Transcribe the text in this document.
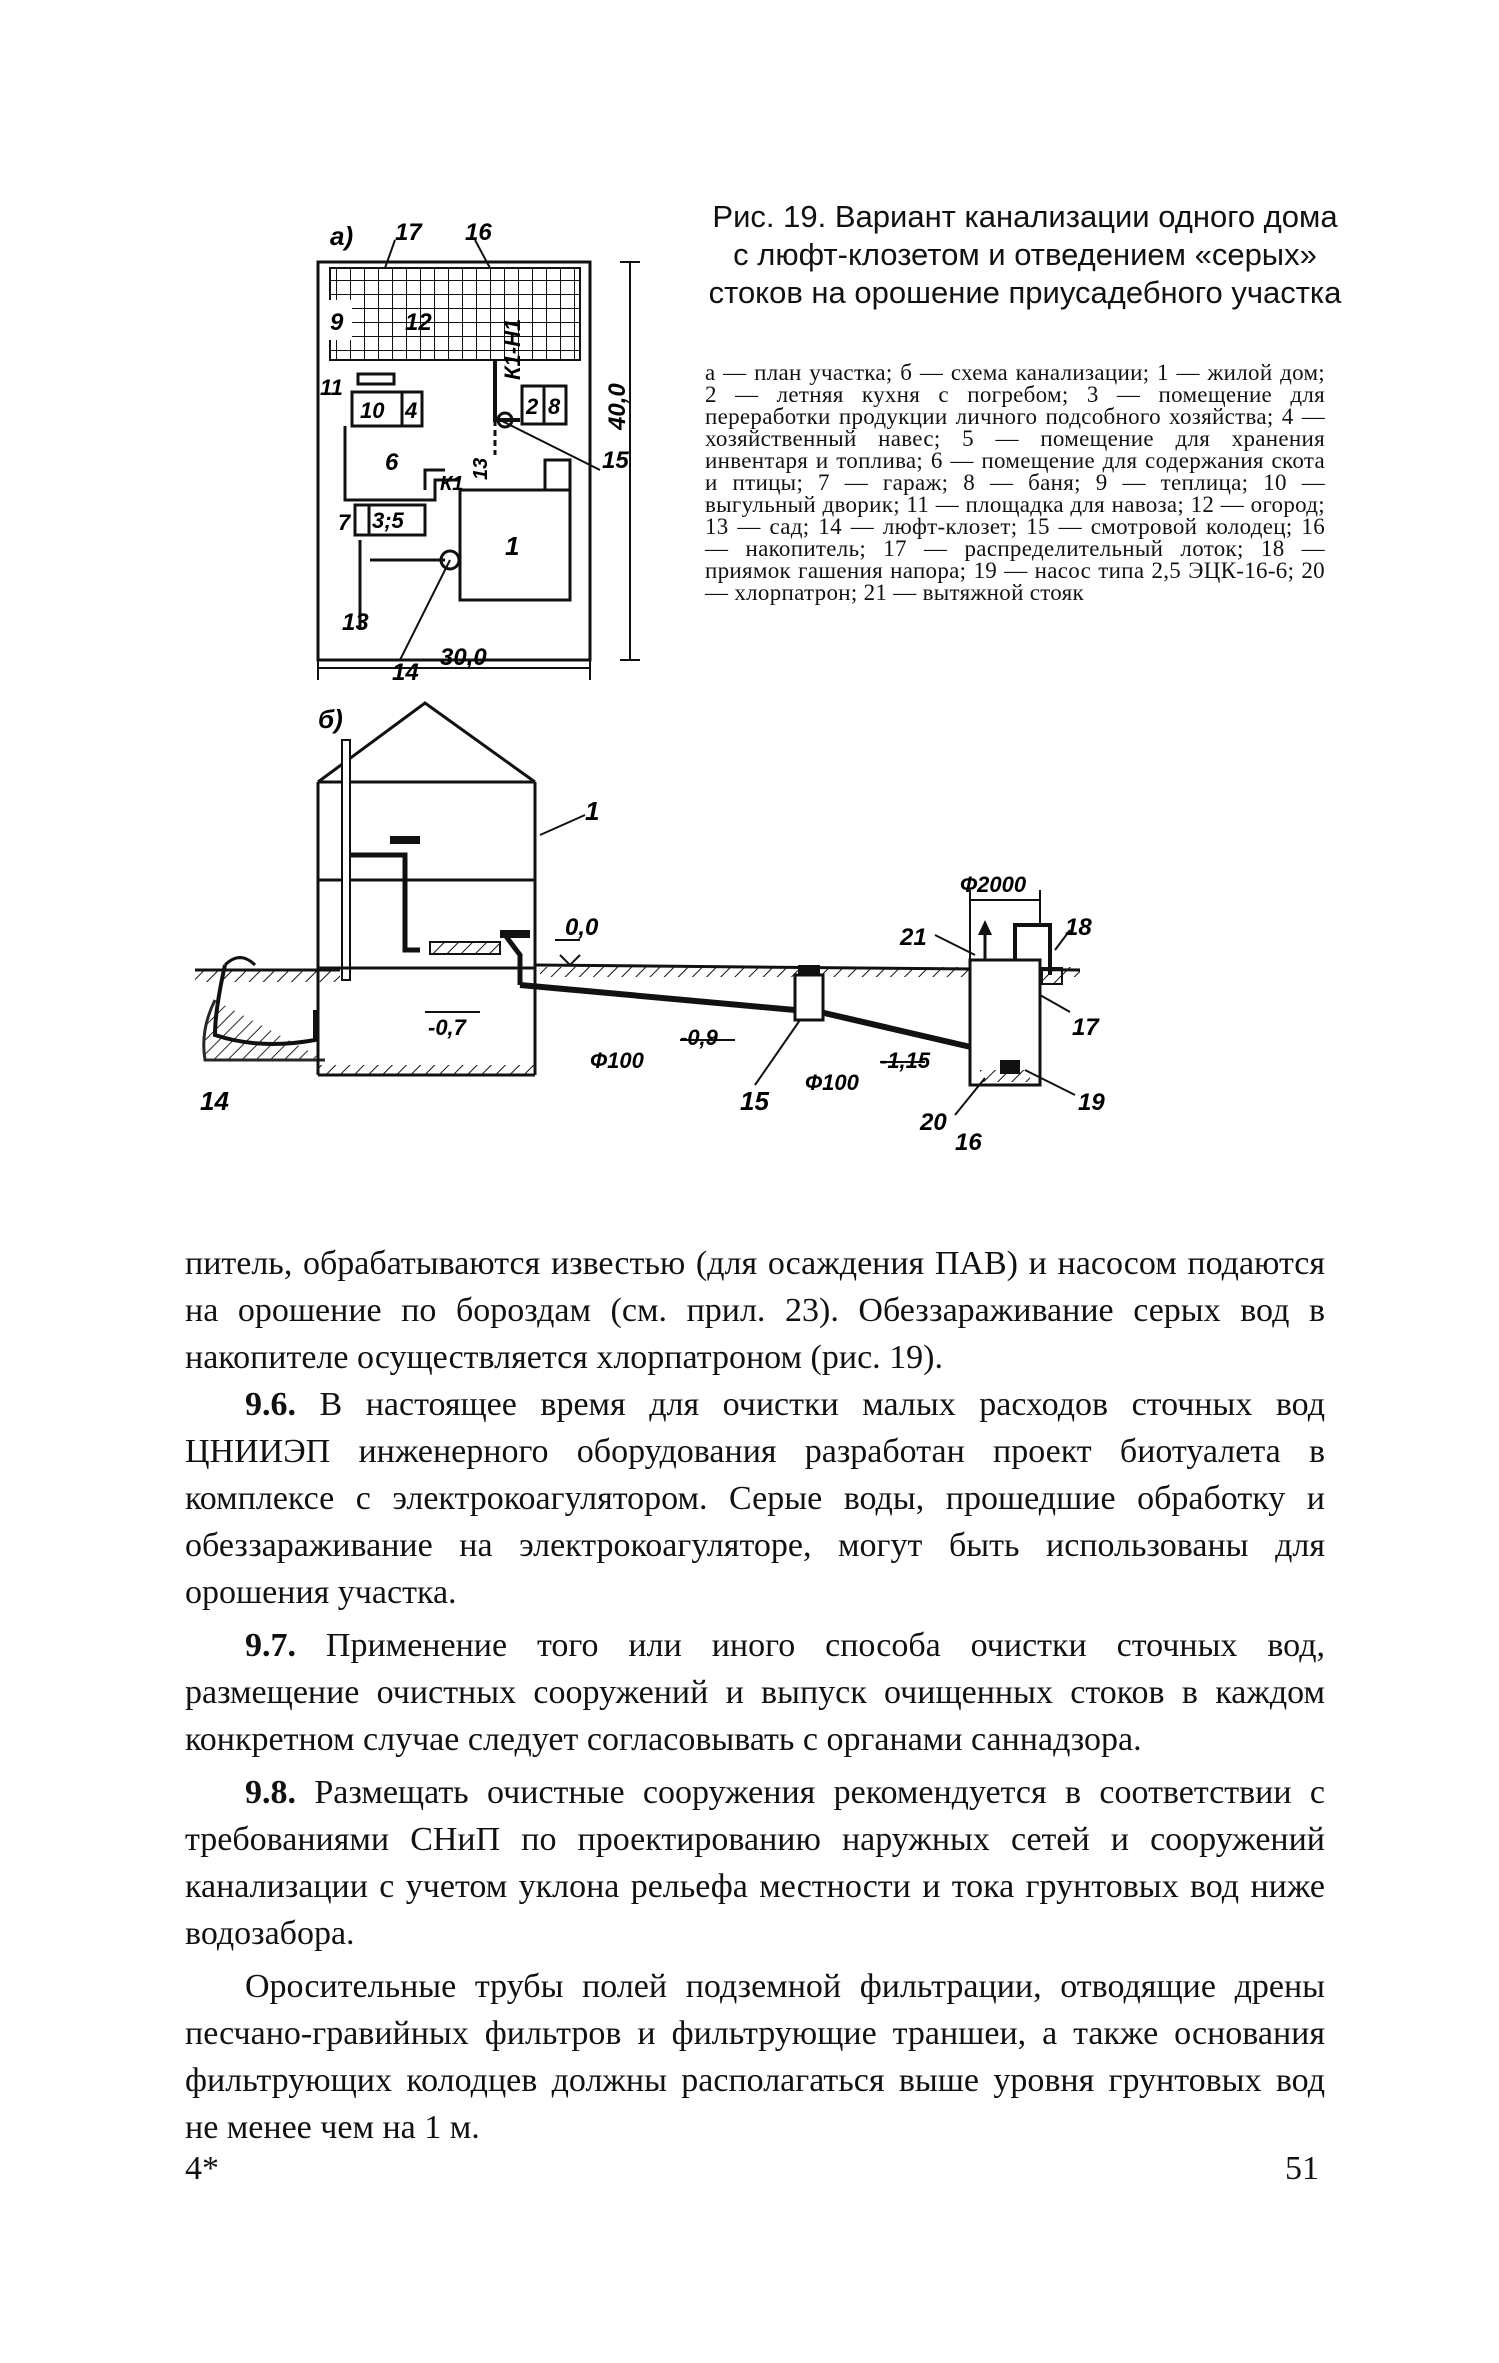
а) 17 16
9	12
11
10 4	2 8
6
К1
7 3;5
1
13
14
15
13
К1-Н1
40,0
30,0
б)
1
0,0
Ф2000
21	18
17
-0,7	-0,9
-1,15
Ф100
Ф100
14	15
20
16
19
Рис. 19. Вариант канализации одного дома с люфт-клозетом и отведением «серых» стоков на орошение приусадебного участка
а — план участка; б — схема канализации; 1 — жилой дом; 2 — летняя кухня с погребом; 3 — помещение для переработки продукции личного подсобного хозяйства; 4 — хозяйственный навес; 5 — помещение для хранения инвентаря и топлива; 6 — помещение для содержания скота и птицы; 7 — гараж; 8 — баня; 9 — теплица; 10 — выгульный дворик; 11 — площадка для навоза; 12 — огород; 13 — сад; 14 — люфт-клозет; 15 — смотровой колодец; 16 — накопитель; 17 — распределительный лоток; 18 — приямок гашения напора; 19 — насос типа 2,5 ЭЦК-16-6; 20 — хлорпатрон; 21 — вытяжной стояк

питель, обрабатываются известью (для осаждения ПАВ) и насосом подаются на орошение по бороздам (см. прил. 23). Обеззараживание серых вод в накопителе осуществляется хлорпатроном (рис. 19).

9.6. В настоящее время для очистки малых расходов сточных вод ЦНИИЭП инженерного оборудования разработан проект биотуалета в комплексе с электрокоагулятором. Серые воды, прошедшие обработку и обеззараживание на электрокоагуляторе, могут быть использованы для орошения участка.

9.7. Применение того или иного способа очистки сточных вод, размещение очистных сооружений и выпуск очищенных стоков в каждом конкретном случае следует согласовывать с органами саннадзора.

9.8. Размещать очистные сооружения рекомендуется в соответствии с требованиями СНиП по проектированию наружных сетей и сооружений канализации с учетом уклона рельефа местности и тока грунтовых вод ниже водозабора.

Оросительные трубы полей подземной фильтрации, отводящие дрены песчано-гравийных фильтров и фильтрующие траншеи, а также основания фильтрующих колодцев должны располагаться выше уровня грунтовых вод не менее чем на 1 м.

4*	51
